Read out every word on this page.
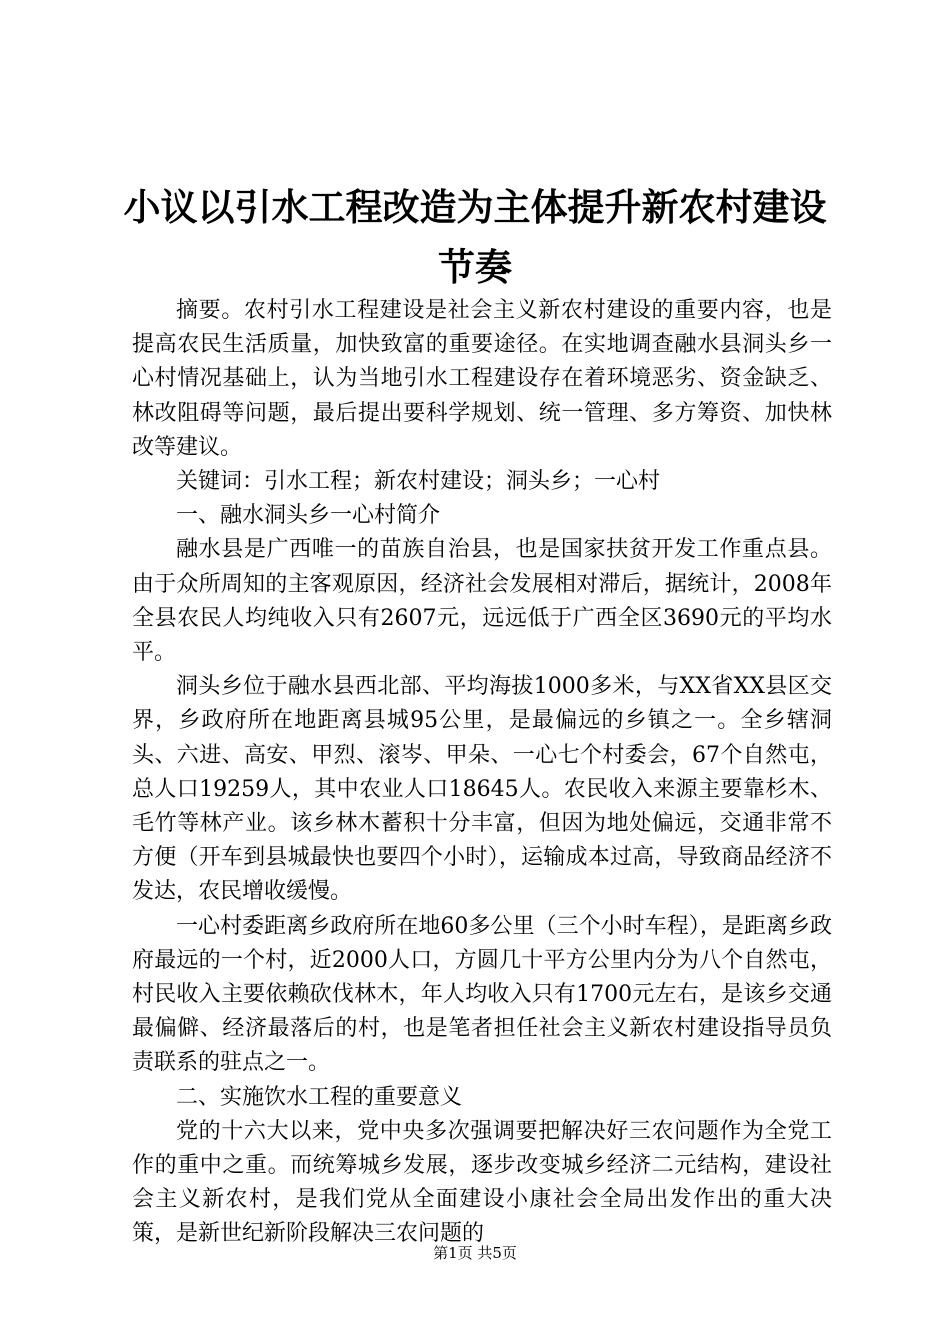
小议以引水工程改造为主体提升新农村建设节奏

摘要。农村引水工程建设是社会主义新农村建设的重要内容，也是提高农民生活质量，加快致富的重要途径。在实地调查融水县洞头乡一心村情况基础上，认为当地引水工程建设存在着环境恶劣、资金缺乏、林改阻碍等问题，最后提出要科学规划、统一管理、多方筹资、加快林改等建议。

关键词：引水工程；新农村建设；洞头乡；一心村

一、融水洞头乡一心村简介

融水县是广西唯一的苗族自治县，也是国家扶贫开发工作重点县。由于众所周知的主客观原因，经济社会发展相对滞后，据统计，2008年全县农民人均纯收入只有2607元，远远低于广西全区3690元的平均水平。

洞头乡位于融水县西北部、平均海拔1000多米，与XX省XX县区交界，乡政府所在地距离县城95公里，是最偏远的乡镇之一。全乡辖洞头、六进、高安、甲烈、滚岑、甲朵、一心七个村委会，67个自然屯，总人口19259人，其中农业人口18645人。农民收入来源主要靠杉木、毛竹等林产业。该乡林木蓄积十分丰富，但因为地处偏远，交通非常不方便（开车到县城最快也要四个小时），运输成本过高，导致商品经济不发达，农民增收缓慢。

一心村委距离乡政府所在地60多公里（三个小时车程），是距离乡政府最远的一个村，近2000人口，方圆几十平方公里内分为八个自然屯，村民收入主要依赖砍伐林木，年人均收入只有1700元左右，是该乡交通最偏僻、经济最落后的村，也是笔者担任社会主义新农村建设指导员负责联系的驻点之一。

二、实施饮水工程的重要意义

党的十六大以来，党中央多次强调要把解决好三农问题作为全党工作的重中之重。而统筹城乡发展，逐步改变城乡经济二元结构，建设社会主义新农村，是我们党从全面建设小康社会全局出发作出的重大决策，是新世纪新阶段解决三农问题的

第1页 共5页
